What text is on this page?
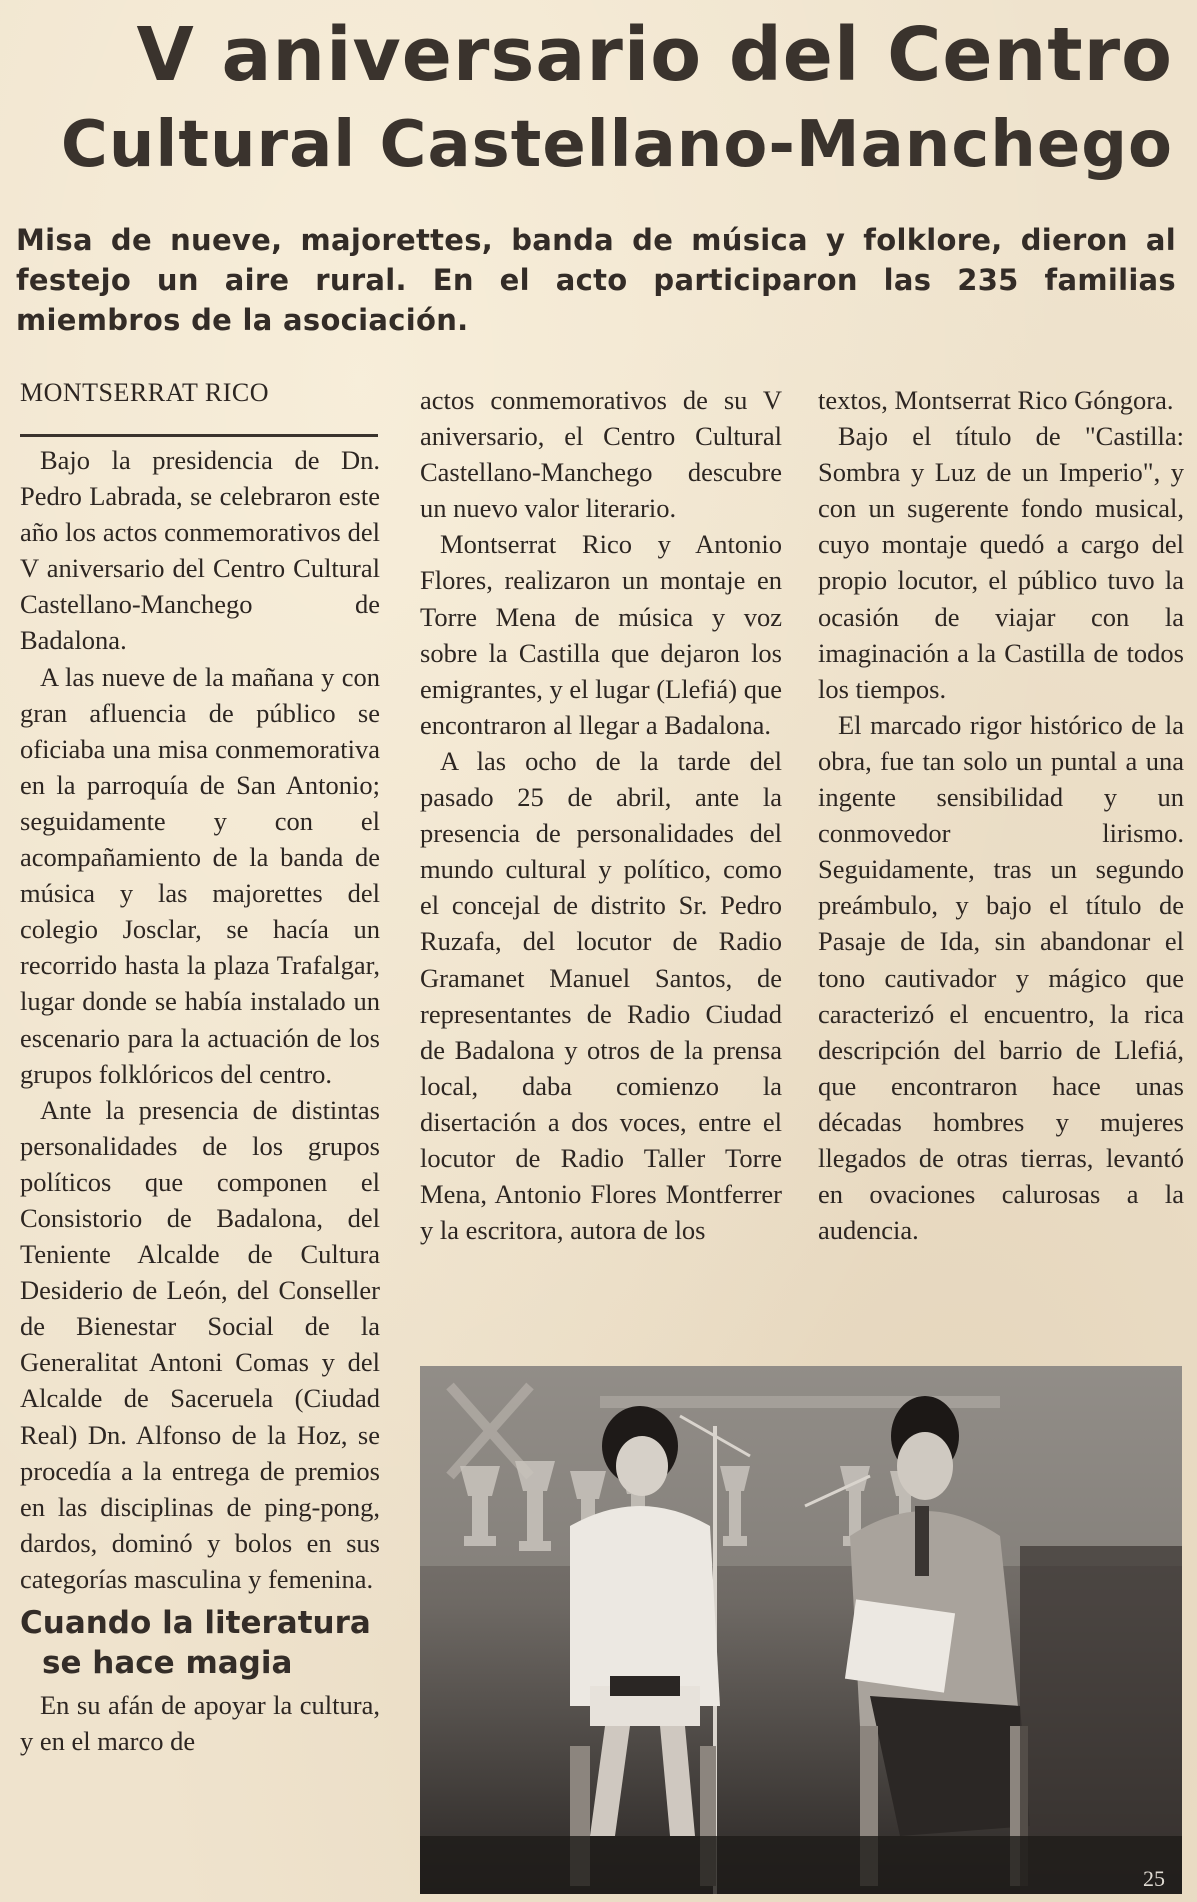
V aniversario del Centro
Cultural Castellano-Manchego
Misa de nueve, majorettes, banda de música y folklore, dieron al festejo un aire rural. En el acto participaron las 235 familias miembros de la asociación.
MONTSERRAT RICO

Bajo la presidencia de Dn. Pedro Labrada, se celebraron este año los actos conmemorativos del V aniversario del Centro Cultural Castellano-Manchego de Badalona.

A las nueve de la mañana y con gran afluencia de público se oficiaba una misa conmemorativa en la parroquía de San Antonio; seguidamente y con el acompañamiento de la banda de música y las majorettes del colegio Josclar, se hacía un recorrido hasta la plaza Trafalgar, lugar donde se había instalado un escenario para la actuación de los grupos folklóricos del centro.

Ante la presencia de distintas personalidades de los grupos políticos que componen el Consistorio de Badalona, del Teniente Alcalde de Cultura Desiderio de León, del Conseller de Bienestar Social de la Generalitat Antoni Comas y del Alcalde de Saceruela (Ciudad Real) Dn. Alfonso de la Hoz, se procedía a la entrega de premios en las disciplinas de ping-pong, dardos, dominó y bolos en sus categorías masculina y femenina.

Cuando la literatura
se hace magia

En su afán de apoyar la cultura, y en el marco de

actos conmemorativos de su V aniversario, el Centro Cultural Castellano-Manchego descubre un nuevo valor literario.

Montserrat Rico y Antonio Flores, realizaron un montaje en Torre Mena de música y voz sobre la Castilla que dejaron los emigrantes, y el lugar (Llefiá) que encontraron al llegar a Badalona.

A las ocho de la tarde del pasado 25 de abril, ante la presencia de personalidades del mundo cultural y político, como el concejal de distrito Sr. Pedro Ruzafa, del locutor de Radio Gramanet Manuel Santos, de representantes de Radio Ciudad de Badalona y otros de la prensa local, daba comienzo la disertación a dos voces, entre el locutor de Radio Taller Torre Mena, Antonio Flores Montferrer y la escritora, autora de los

textos, Montserrat Rico Góngora.

Bajo el título de "Castilla: Sombra y Luz de un Imperio", y con un sugerente fondo musical, cuyo montaje quedó a cargo del propio locutor, el público tuvo la ocasión de viajar con la imaginación a la Castilla de todos los tiempos.

El marcado rigor histórico de la obra, fue tan solo un puntal a una ingente sensibilidad y un conmovedor lirismo. Seguidamente, tras un segundo preámbulo, y bajo el título de Pasaje de Ida, sin abandonar el tono cautivador y mágico que caracterizó el encuentro, la rica descripción del barrio de Llefiá, que encontraron hace unas décadas hombres y mujeres llegados de otras tierras, levantó en ovaciones calurosas a la audencia.

25
